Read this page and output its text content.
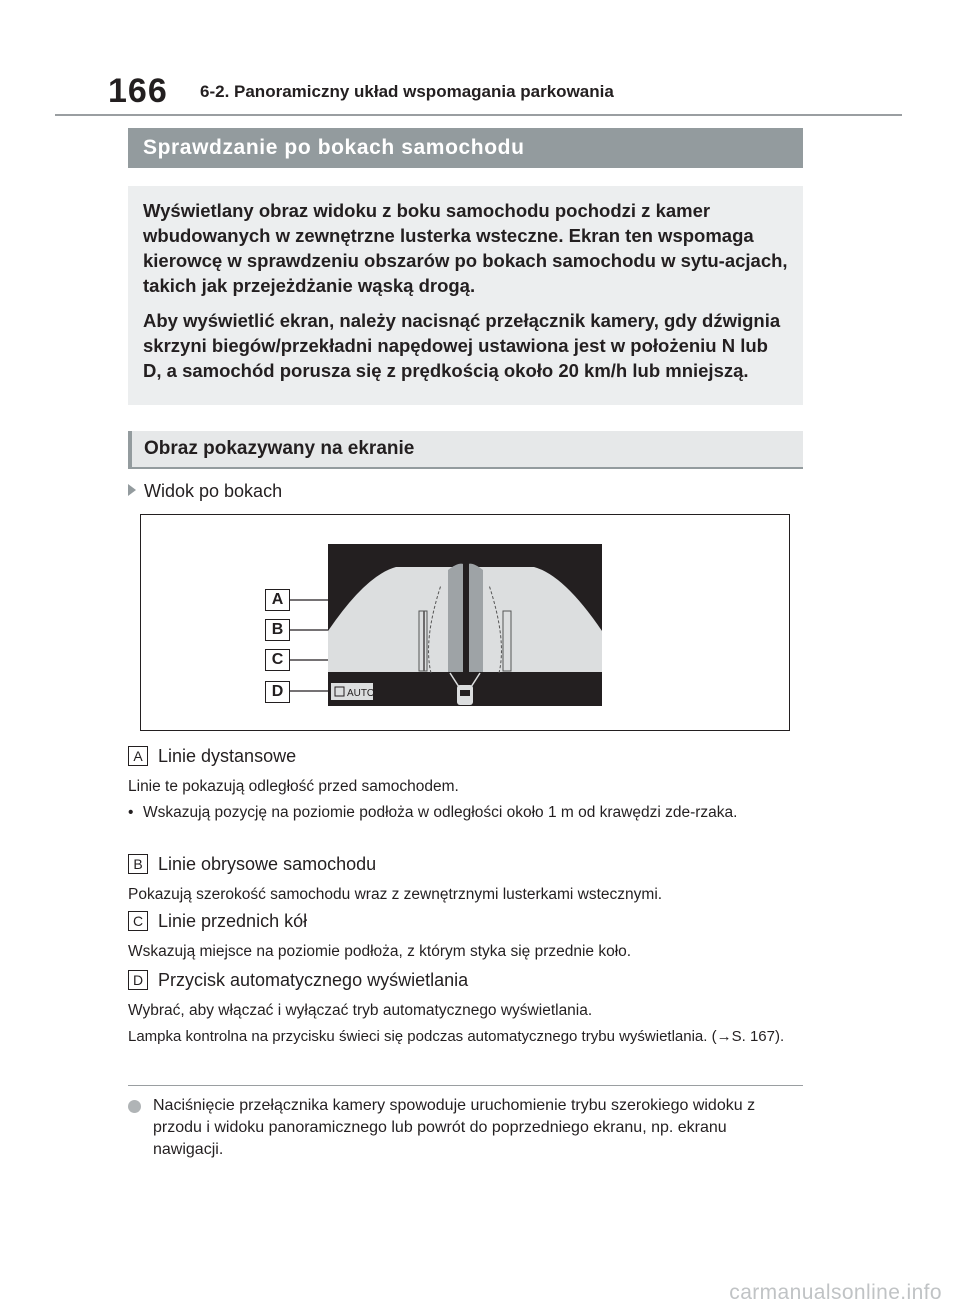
166 6-2. Panoramiczny układ wspomagania parkowania
Sprawdzanie po bokach samochodu

Wyświetlany obraz widoku z boku samochodu pochodzi z kamer wbudowanych w zewnętrzne lusterka wsteczne. Ekran ten wspomaga kierowcę w sprawdzeniu obszarów po bokach samochodu w sytu-acjach, takich jak przejeżdżanie wąską drogą.

Aby wyświetlić ekran, należy nacisnąć przełącznik kamery, gdy dźwignia skrzyni biegów/przekładni napędowej ustawiona jest w położeniu N lub D, a samochód porusza się z prędkością około 20 km/h lub mniejszą.

Obraz pokazywany na ekranie
Widok po bokach
A
B
C
D	AUTO
A Linie dystansowe
Linie te pokazują odległość przed samochodem.
• Wskazują pozycję na poziomie podłoża w odległości około 1 m od krawędzi zde-rzaka.
B Linie obrysowe samochodu
Pokazują szerokość samochodu wraz z zewnętrznymi lusterkami wstecznymi.
C Linie przednich kół
Wskazują miejsce na poziomie podłoża, z którym styka się przednie koło.
D Przycisk automatycznego wyświetlania
Wybrać, aby włączać i wyłączać tryb automatycznego wyświetlania.
Lampka kontrolna na przycisku świeci się podczas automatycznego trybu wyświetlania. (→S. 167).
Naciśnięcie przełącznika kamery spowoduje uruchomienie trybu szerokiego widoku z przodu i widoku panoramicznego lub powrót do poprzedniego ekranu, np. ekranu nawigacji.
carmanualsonline.info
